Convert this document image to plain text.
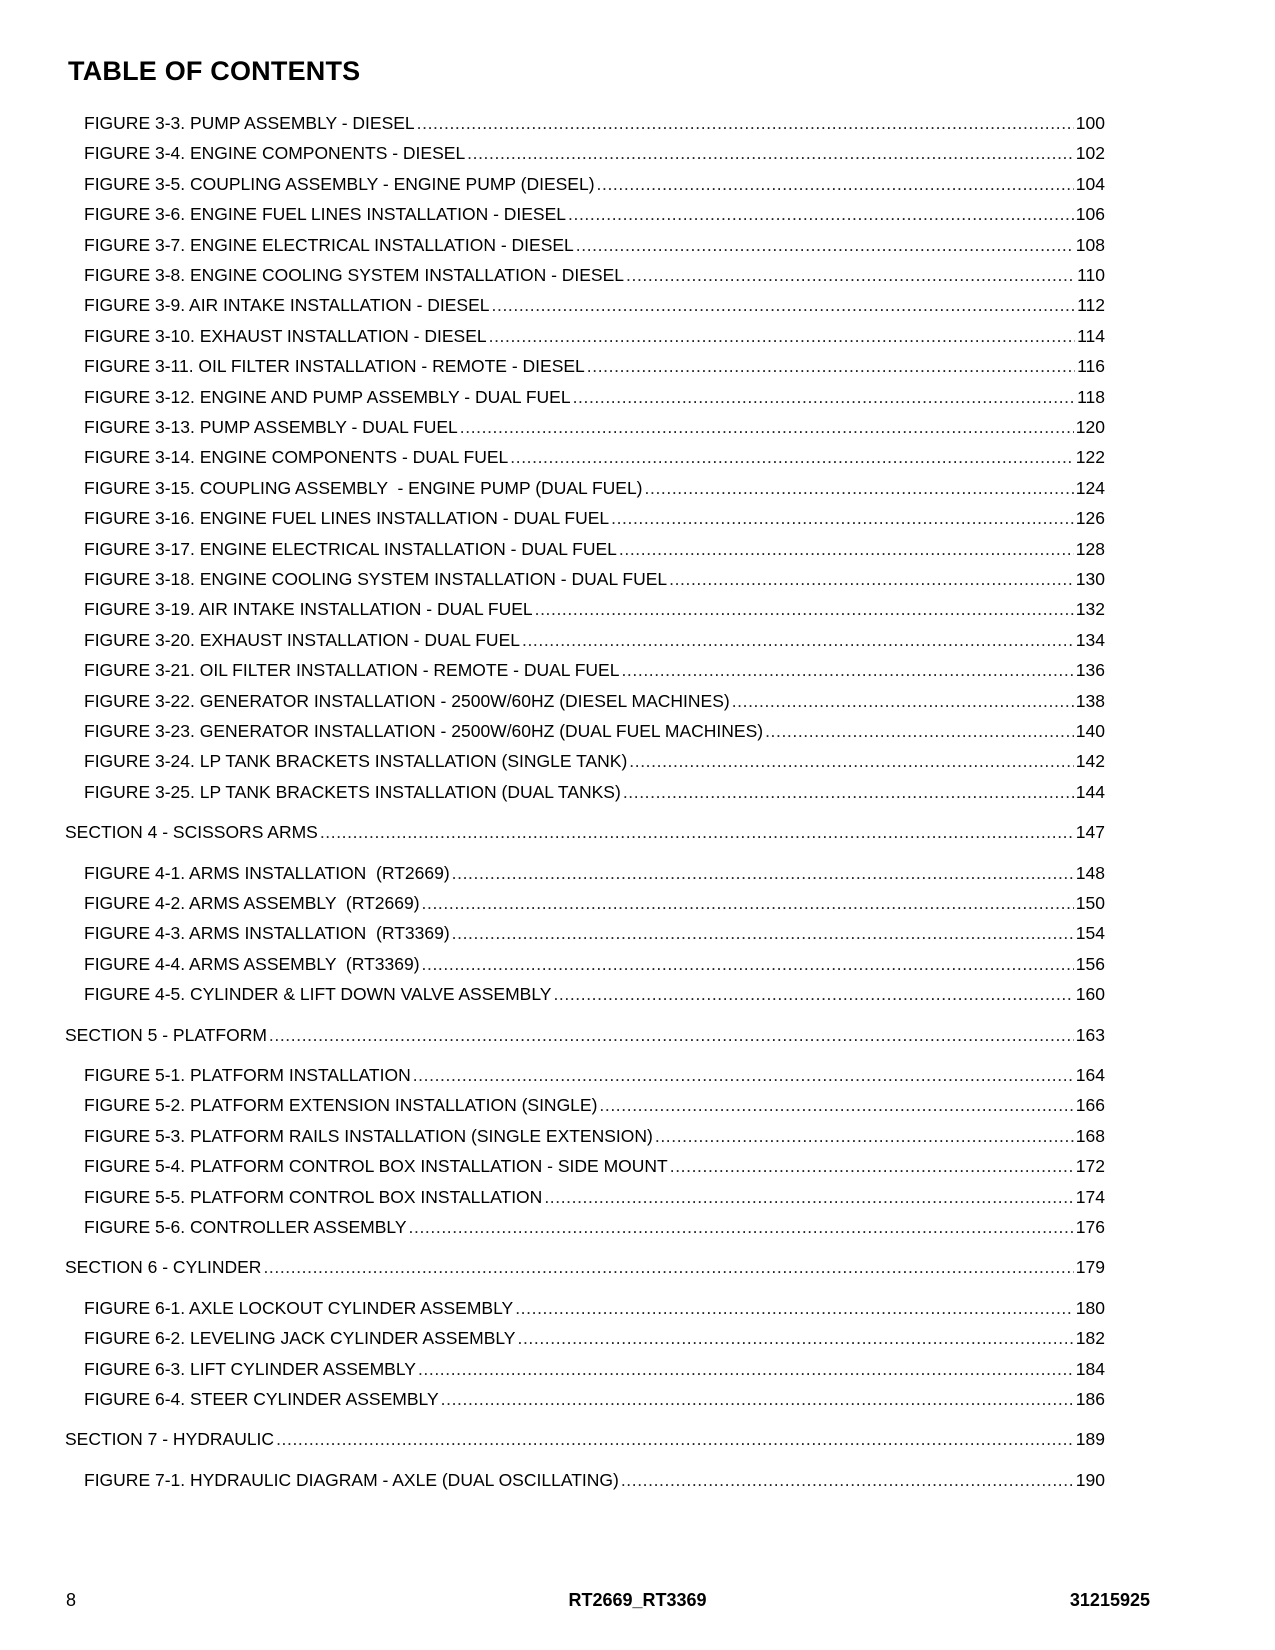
TABLE OF CONTENTS
FIGURE 3-3. PUMP ASSEMBLY - DIESEL .....	100
FIGURE 3-4. ENGINE COMPONENTS - DIESEL .....	102
FIGURE 3-5. COUPLING ASSEMBLY - ENGINE PUMP (DIESEL) .....	104
FIGURE 3-6. ENGINE FUEL LINES INSTALLATION - DIESEL .....	106
FIGURE 3-7. ENGINE ELECTRICAL INSTALLATION - DIESEL .....	108
FIGURE 3-8. ENGINE COOLING SYSTEM INSTALLATION - DIESEL .....	110
FIGURE 3-9. AIR INTAKE INSTALLATION - DIESEL .....	112
FIGURE 3-10. EXHAUST INSTALLATION - DIESEL .....	114
FIGURE 3-11. OIL FILTER INSTALLATION - REMOTE - DIESEL .....	116
FIGURE 3-12. ENGINE AND PUMP ASSEMBLY - DUAL FUEL .....	118
FIGURE 3-13. PUMP ASSEMBLY - DUAL FUEL .....	120
FIGURE 3-14. ENGINE COMPONENTS - DUAL FUEL .....	122
FIGURE 3-15. COUPLING ASSEMBLY  - ENGINE PUMP (DUAL FUEL) .....	124
FIGURE 3-16. ENGINE FUEL LINES INSTALLATION - DUAL FUEL .....	126
FIGURE 3-17. ENGINE ELECTRICAL INSTALLATION - DUAL FUEL .....	128
FIGURE 3-18. ENGINE COOLING SYSTEM INSTALLATION - DUAL FUEL .....	130
FIGURE 3-19. AIR INTAKE INSTALLATION - DUAL FUEL .....	132
FIGURE 3-20. EXHAUST INSTALLATION - DUAL FUEL .....	134
FIGURE 3-21. OIL FILTER INSTALLATION - REMOTE - DUAL FUEL .....	136
FIGURE 3-22. GENERATOR INSTALLATION - 2500W/60HZ (DIESEL MACHINES) .....	138
FIGURE 3-23. GENERATOR INSTALLATION - 2500W/60HZ (DUAL FUEL MACHINES) .....	140
FIGURE 3-24. LP TANK BRACKETS INSTALLATION (SINGLE TANK) .....	142
FIGURE 3-25. LP TANK BRACKETS INSTALLATION (DUAL TANKS) .....	144
SECTION 4 - SCISSORS ARMS .....	147
FIGURE 4-1. ARMS INSTALLATION  (RT2669) .....	148
FIGURE 4-2. ARMS ASSEMBLY  (RT2669) .....	150
FIGURE 4-3. ARMS INSTALLATION  (RT3369) .....	154
FIGURE 4-4. ARMS ASSEMBLY  (RT3369) .....	156
FIGURE 4-5. CYLINDER & LIFT DOWN VALVE ASSEMBLY .....	160
SECTION 5 - PLATFORM .....	163
FIGURE 5-1. PLATFORM INSTALLATION .....	164
FIGURE 5-2. PLATFORM EXTENSION INSTALLATION (SINGLE) .....	166
FIGURE 5-3. PLATFORM RAILS INSTALLATION (SINGLE EXTENSION) .....	168
FIGURE 5-4. PLATFORM CONTROL BOX INSTALLATION - SIDE MOUNT .....	172
FIGURE 5-5. PLATFORM CONTROL BOX INSTALLATION .....	174
FIGURE 5-6. CONTROLLER ASSEMBLY .....	176
SECTION 6 - CYLINDER .....	179
FIGURE 6-1. AXLE LOCKOUT CYLINDER ASSEMBLY .....	180
FIGURE 6-2. LEVELING JACK CYLINDER ASSEMBLY .....	182
FIGURE 6-3. LIFT CYLINDER ASSEMBLY .....	184
FIGURE 6-4. STEER CYLINDER ASSEMBLY .....	186
SECTION 7 - HYDRAULIC .....	189
FIGURE 7-1. HYDRAULIC DIAGRAM - AXLE (DUAL OSCILLATING) .....	190
8	RT2669_RT3369	31215925
